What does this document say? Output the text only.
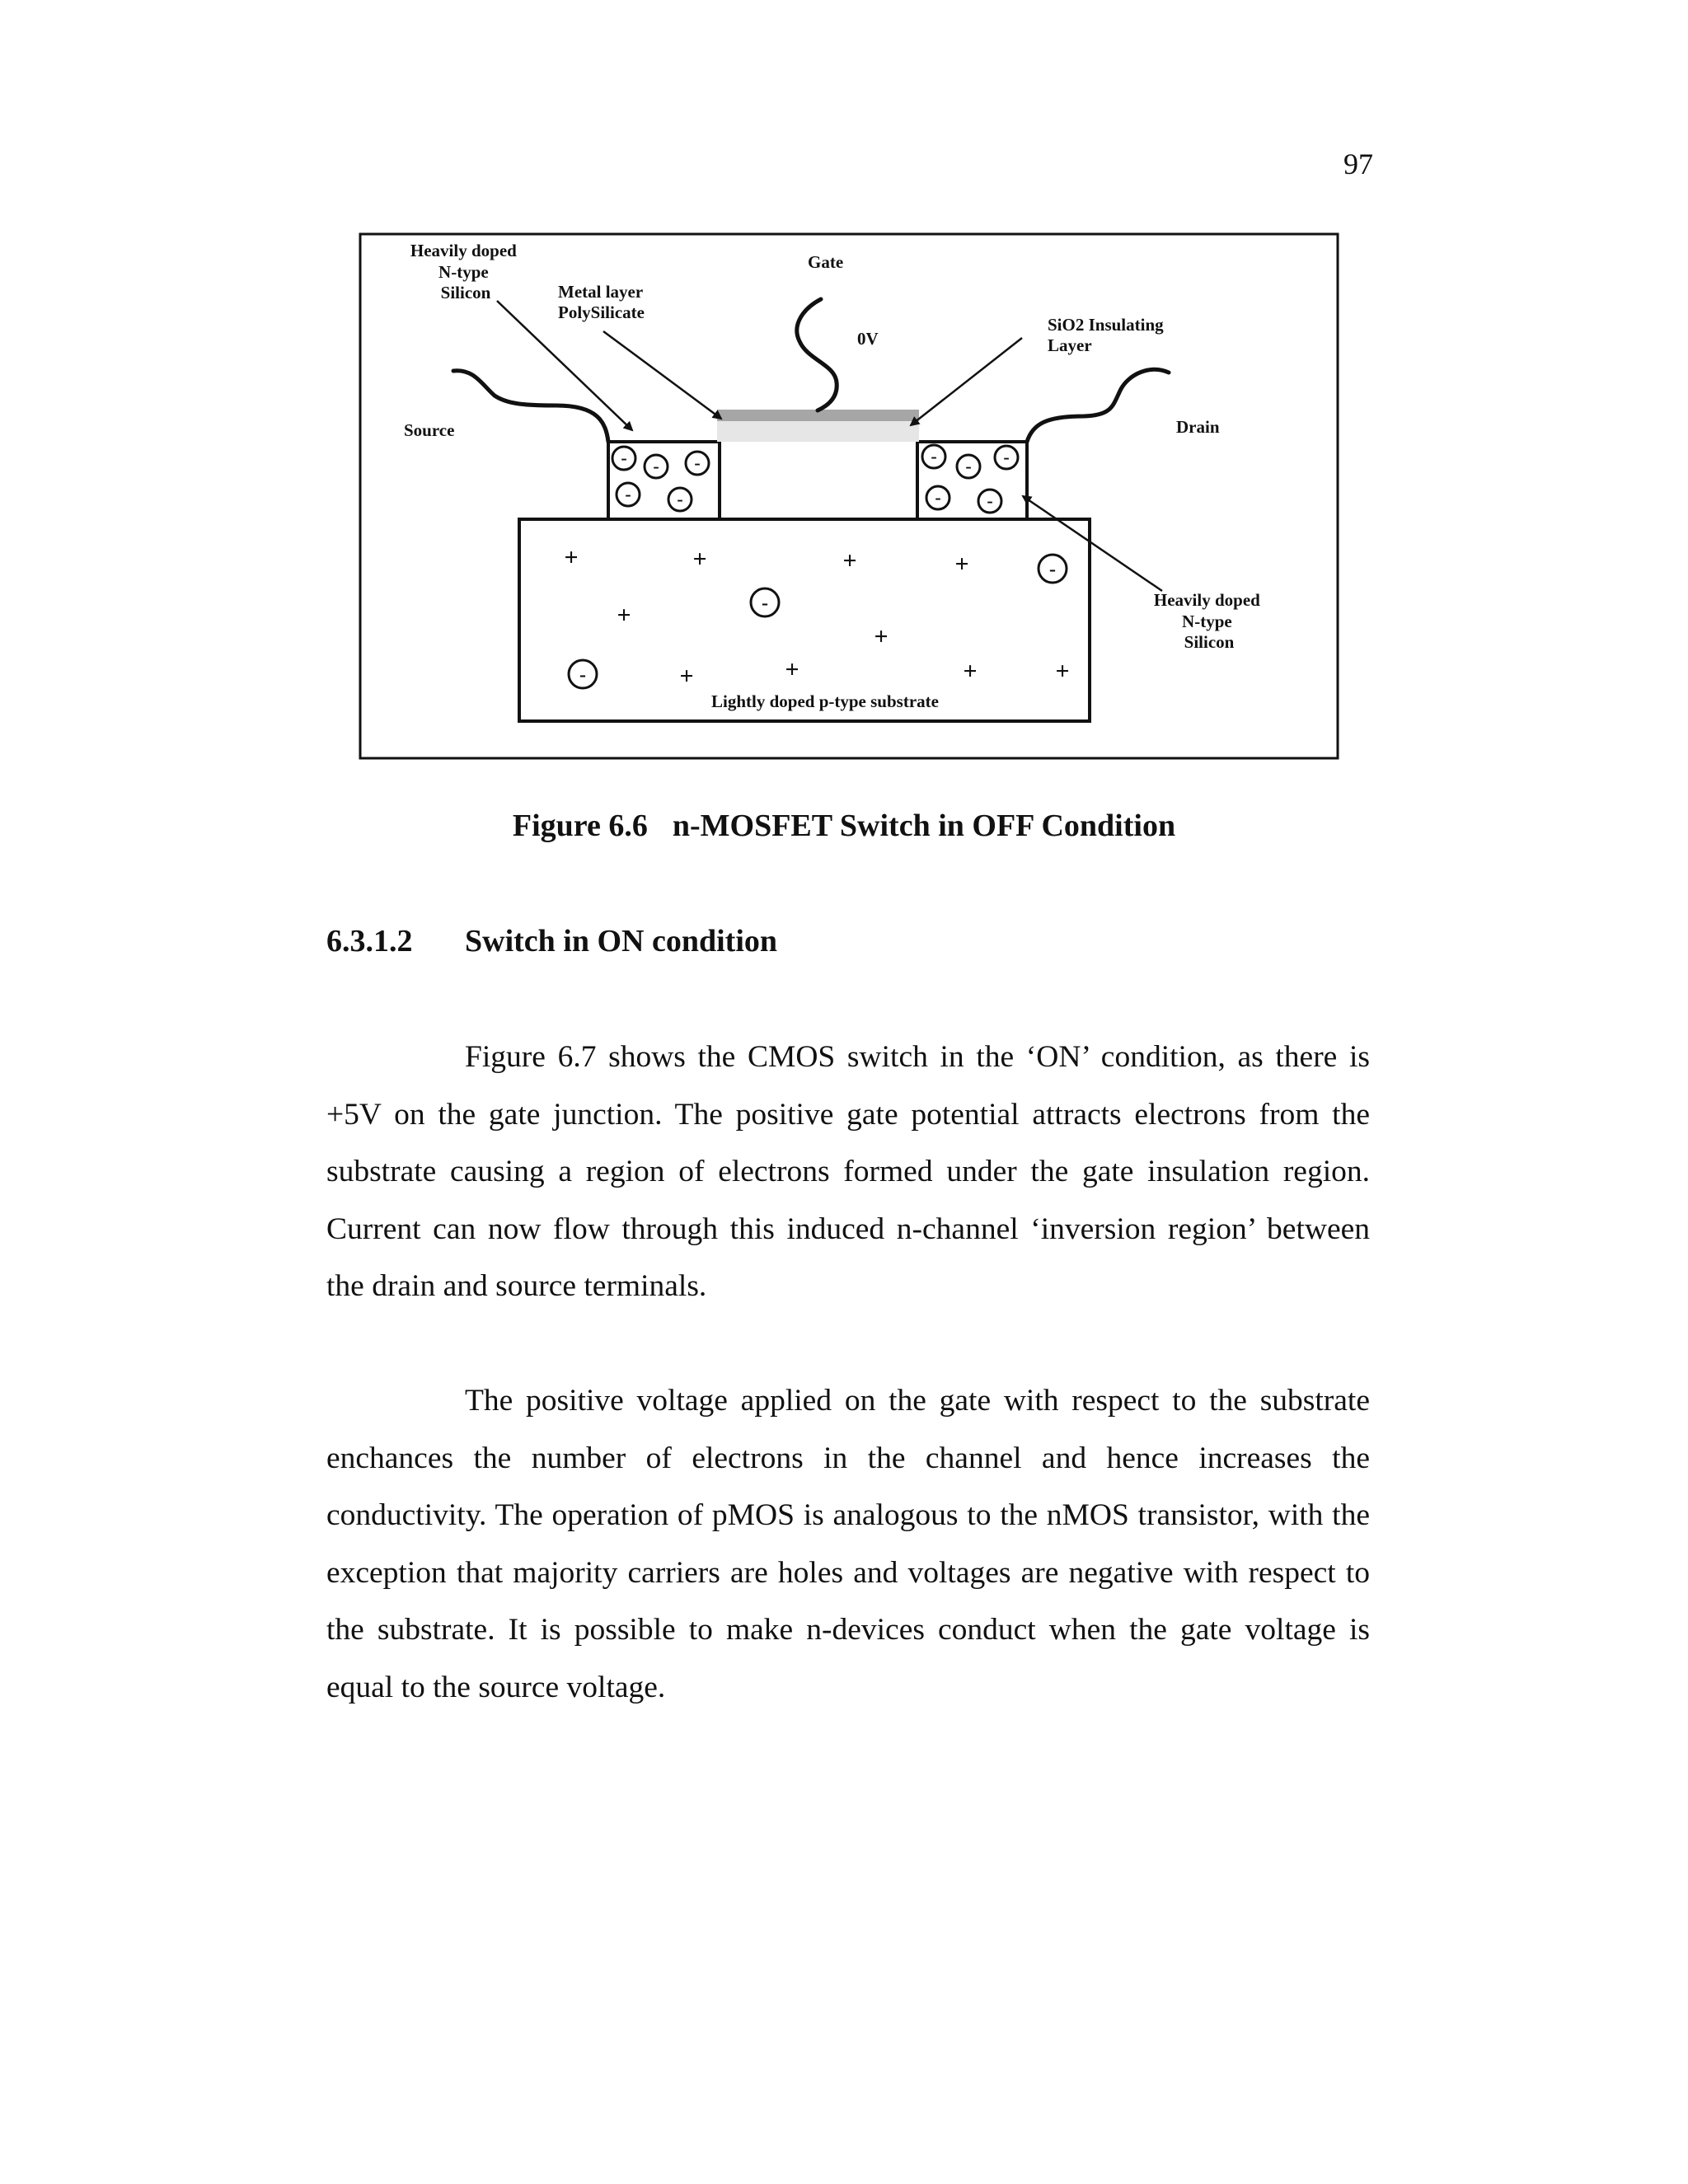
97
Heavily doped N-type Silicon	Metal layer PolySilicate
Gate
0V
SiO2 Insulating Layer
Source	Drain
Heavily doped N-type Silicon
Lightly doped p-type substrate
- - -
-	-
- - -
-	-
-
-
-
+	+	+	+
+
+
+	+	+	+
Figure 6.6 n-MOSFET Switch in OFF Condition
6.3.1.2 Switch in ON condition

Figure 6.7 shows the CMOS switch in the ‘ON’ condition, as there is +5V on the gate junction. The positive gate potential attracts electrons from the substrate causing a region of electrons formed under the gate insulation region. Current can now flow through this induced n-channel ‘inversion region’ between the drain and source terminals.

The positive voltage applied on the gate with respect to the substrate enchances the number of electrons in the channel and hence increases the conductivity. The operation of pMOS is analogous to the nMOS transistor, with the exception that majority carriers are holes and voltages are negative with respect to the substrate. It is possible to make n-devices conduct when the gate voltage is equal to the source voltage.
